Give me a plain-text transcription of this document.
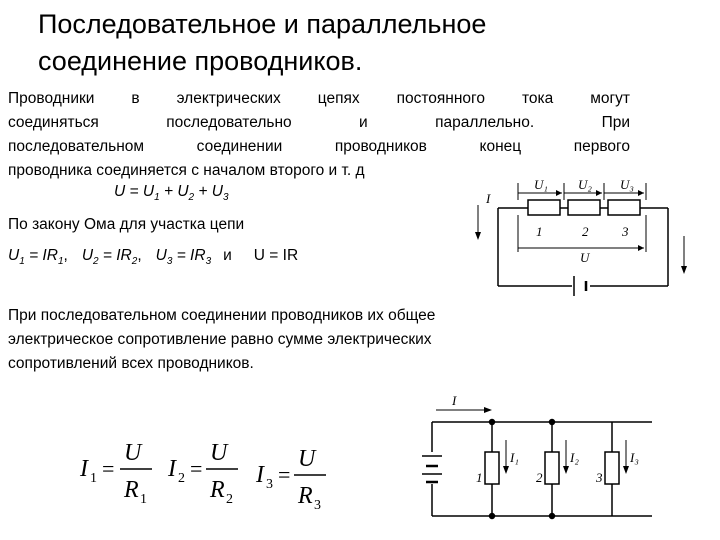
Последовательное и параллельное
соединение проводников.
Проводники в электрических цепях постоянного тока могут
соединяться последовательно и параллельно. При
последовательном соединении проводников конец первого
проводника соединяется с началом второго и т. д
$U = U_1 + U_2 + U_3$
По закону Ома для участка цепи
$U_1 = IR_1$, $U_2 = IR_2$, $U_3 = IR_3$ и U = IR
При последовательном соединении проводников их общее
электрическое сопротивление равно сумме электрических
сопротивлений всех проводников.
I
U₁ U₂ U₃
1	2	3
U
I
I₁	I₂	I₃
1	2	3
I 1 =
U
R 1
I 2 =
U
R 2
I 3 =
U
R 3
